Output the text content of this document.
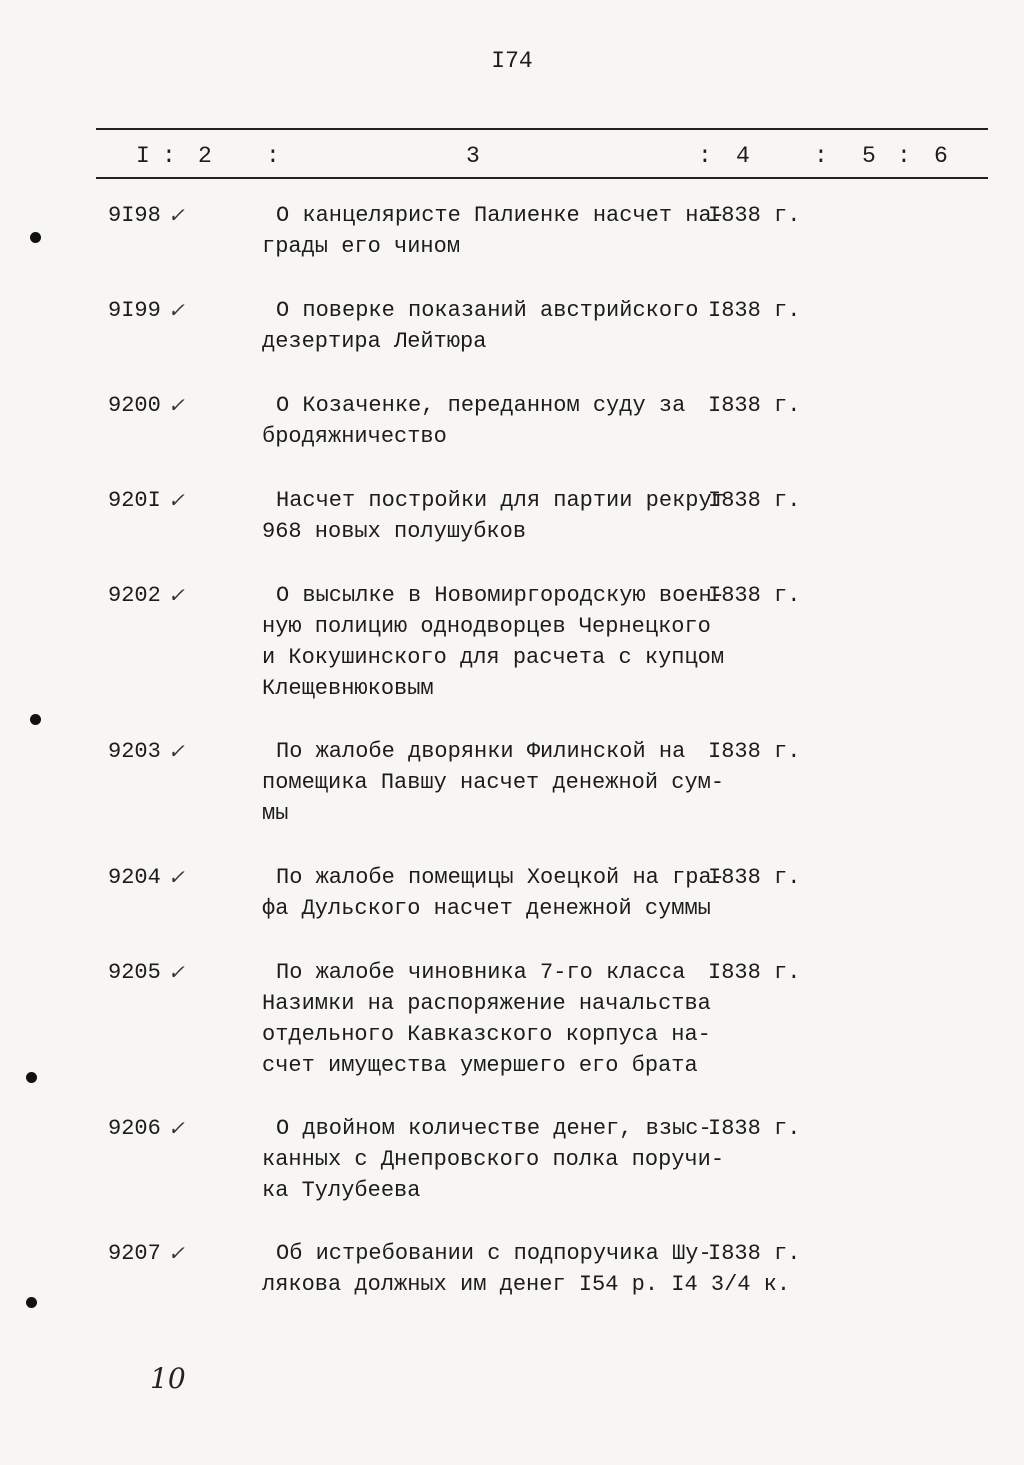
I74
I : 2 :	3	: 4	: 5 : 6
9I98 ✓	О канцеляристе Палиенке насчет на-
грады его чином
I838 г.
9I99 ✓	О поверке показаний австрийского
дезертира Лейтюра
I838 г.
9200 ✓	О Козаченке, переданном суду за
бродяжничество
I838 г.
920I ✓	Насчет постройки для партии рекрут
968 новых полушубков
I838 г.
9202 ✓	О высылке в Новомиргородскую воен-
ную полицию однодворцев Чернецкого
и Кокушинского для расчета с купцом
Клещевнюковым
I838 г.
9203 ✓	По жалобе дворянки Филинской на
помещика Павшу насчет денежной сум-
мы
I838 г.
9204 ✓	По жалобе помещицы Хоецкой на гра-
фа Дульского насчет денежной суммы
I838 г.
9205 ✓	По жалобе чиновника 7-го класса
Назимки на распоряжение начальства
отдельного Кавказского корпуса на-
счет имущества умершего его брата
I838 г.
9206 ✓	О двойном количестве денег, взыс-
канных с Днепровского полка поручи-
ка Тулубеева
I838 г.
9207 ✓	Об истребовании с подпоручика Шу-
лякова должных им денег I54 р. I4 3/4 к.
I838 г.
10
